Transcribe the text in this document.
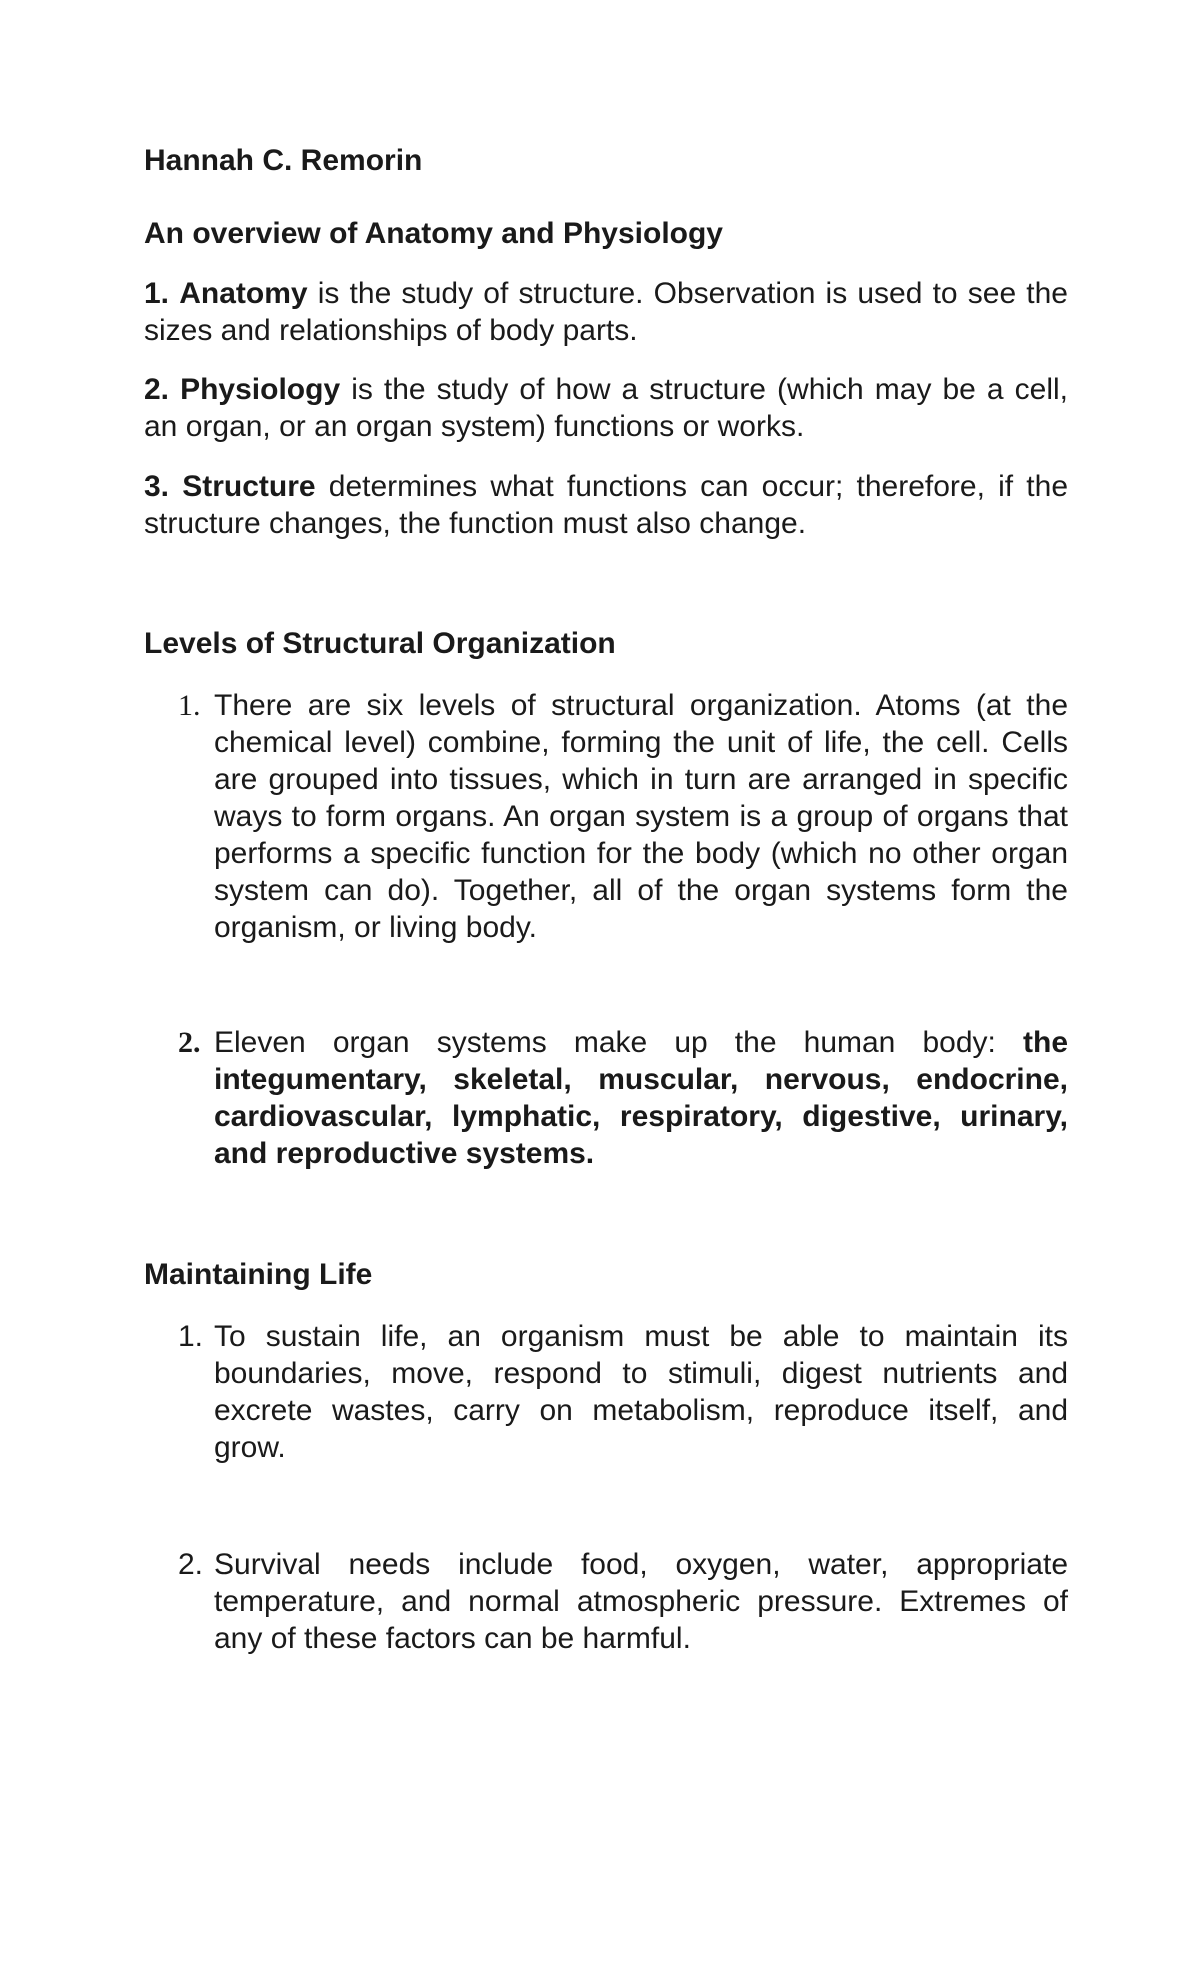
Hannah C. Remorin

An overview of Anatomy and Physiology

1. Anatomy is the study of structure. Observation is used to see the sizes and relationships of body parts.

2. Physiology is the study of how a structure (which may be a cell, an organ, or an organ system) functions or works.

3. Structure determines what functions can occur; therefore, if the structure changes, the function must also change.

Levels of Structural Organization

1. There are six levels of structural organization. Atoms (at the chemical level) combine, forming the unit of life, the cell. Cells are grouped into tissues, which in turn are arranged in specific ways to form organs. An organ system is a group of organs that performs a specific function for the body (which no other organ system can do). Together, all of the organ systems form the organism, or living body.
2. Eleven organ systems make up the human body: the integumentary, skeletal, muscular, nervous, endocrine, cardiovascular, lymphatic, respiratory, digestive, urinary, and reproductive systems.

Maintaining Life

1. To sustain life, an organism must be able to maintain its boundaries, move, respond to stimuli, digest nutrients and excrete wastes, carry on metabolism, reproduce itself, and grow.
2. Survival needs include food, oxygen, water, appropriate temperature, and normal atmospheric pressure. Extremes of any of these factors can be harmful.
